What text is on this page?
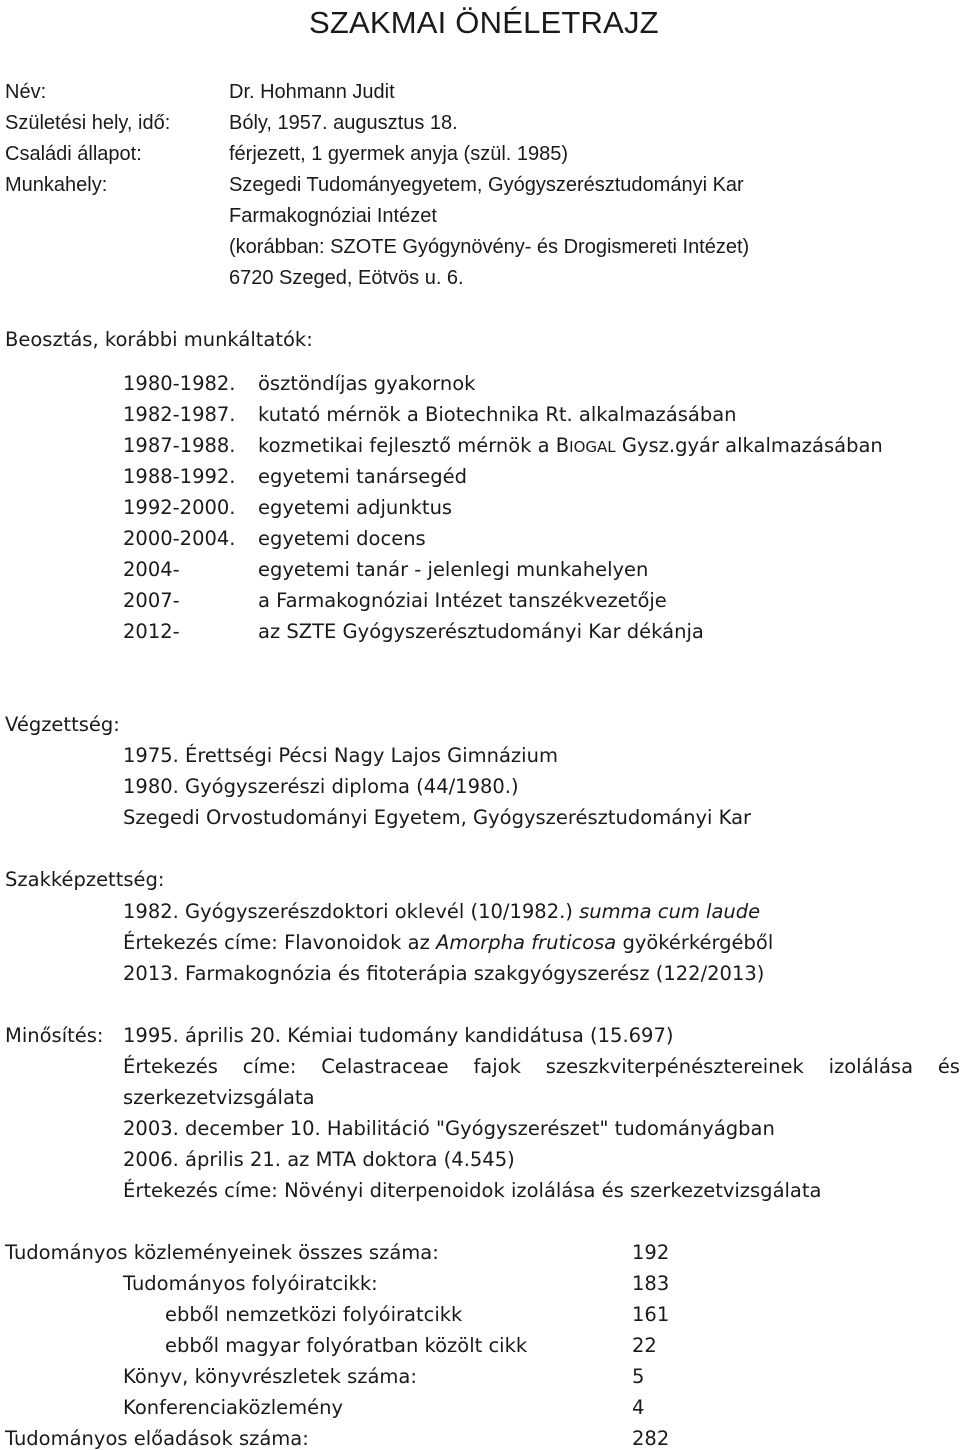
SZAKMAI ÖNÉLETRAJZ
Név:	Dr. Hohmann Judit
Születési hely, idő:	Bóly, 1957. augusztus 18.
Családi állapot:	férjezett, 1 gyermek anyja (szül. 1985)
Munkahely:	Szegedi Tudományegyetem, Gyógyszerésztudományi Kar
Farmakognóziai Intézet
(korábban: SZOTE Gyógynövény- és Drogismereti Intézet)
6720 Szeged, Eötvös u. 6.
Beosztás, korábbi munkáltatók:
1980-1982. ösztöndíjas gyakornok
1982-1987. kutató mérnök a Biotechnika Rt. alkalmazásában
1987-1988. kozmetikai fejlesztő mérnök a BIOGAL Gysz.gyár alkalmazásában
1988-1992. egyetemi tanársegéd
1992-2000. egyetemi adjunktus
2000-2004. egyetemi docens
2004-	egyetemi tanár - jelenlegi munkahelyen
2007-	a Farmakognóziai Intézet tanszékvezetője
2012-	az SZTE Gyógyszerésztudományi Kar dékánja
Végzettség:
1975. Érettségi Pécsi Nagy Lajos Gimnázium
1980. Gyógyszerészi diploma (44/1980.)
Szegedi Orvostudományi Egyetem, Gyógyszerésztudományi Kar
Szakképzettség:
1982. Gyógyszerészdoktori oklevél (10/1982.) summa cum laude
Értekezés címe: Flavonoidok az Amorpha fruticosa gyökérkérgéből
2013. Farmakognózia és fitoterápia szakgyógyszerész (122/2013)
Minősítés: 1995. április 20. Kémiai tudomány kandidátusa (15.697)
Értekezés címe: Celastraceae fajok szeszkviterpénésztereinek izolálása és
szerkezetvizsgálata
2003. december 10. Habilitáció "Gyógyszerészet" tudományágban
2006. április 21. az MTA doktora (4.545)
Értekezés címe: Növényi diterpenoidok izolálása és szerkezetvizsgálata
Tudományos közleményeinek összes száma:	192
Tudományos folyóiratcikk:	183
ebből nemzetközi folyóiratcikk	161
ebből magyar folyóratban közölt cikk	22
Könyv, könyvrészletek száma:	5
Konferenciaközlemény	4
Tudományos előadások száma:	282
